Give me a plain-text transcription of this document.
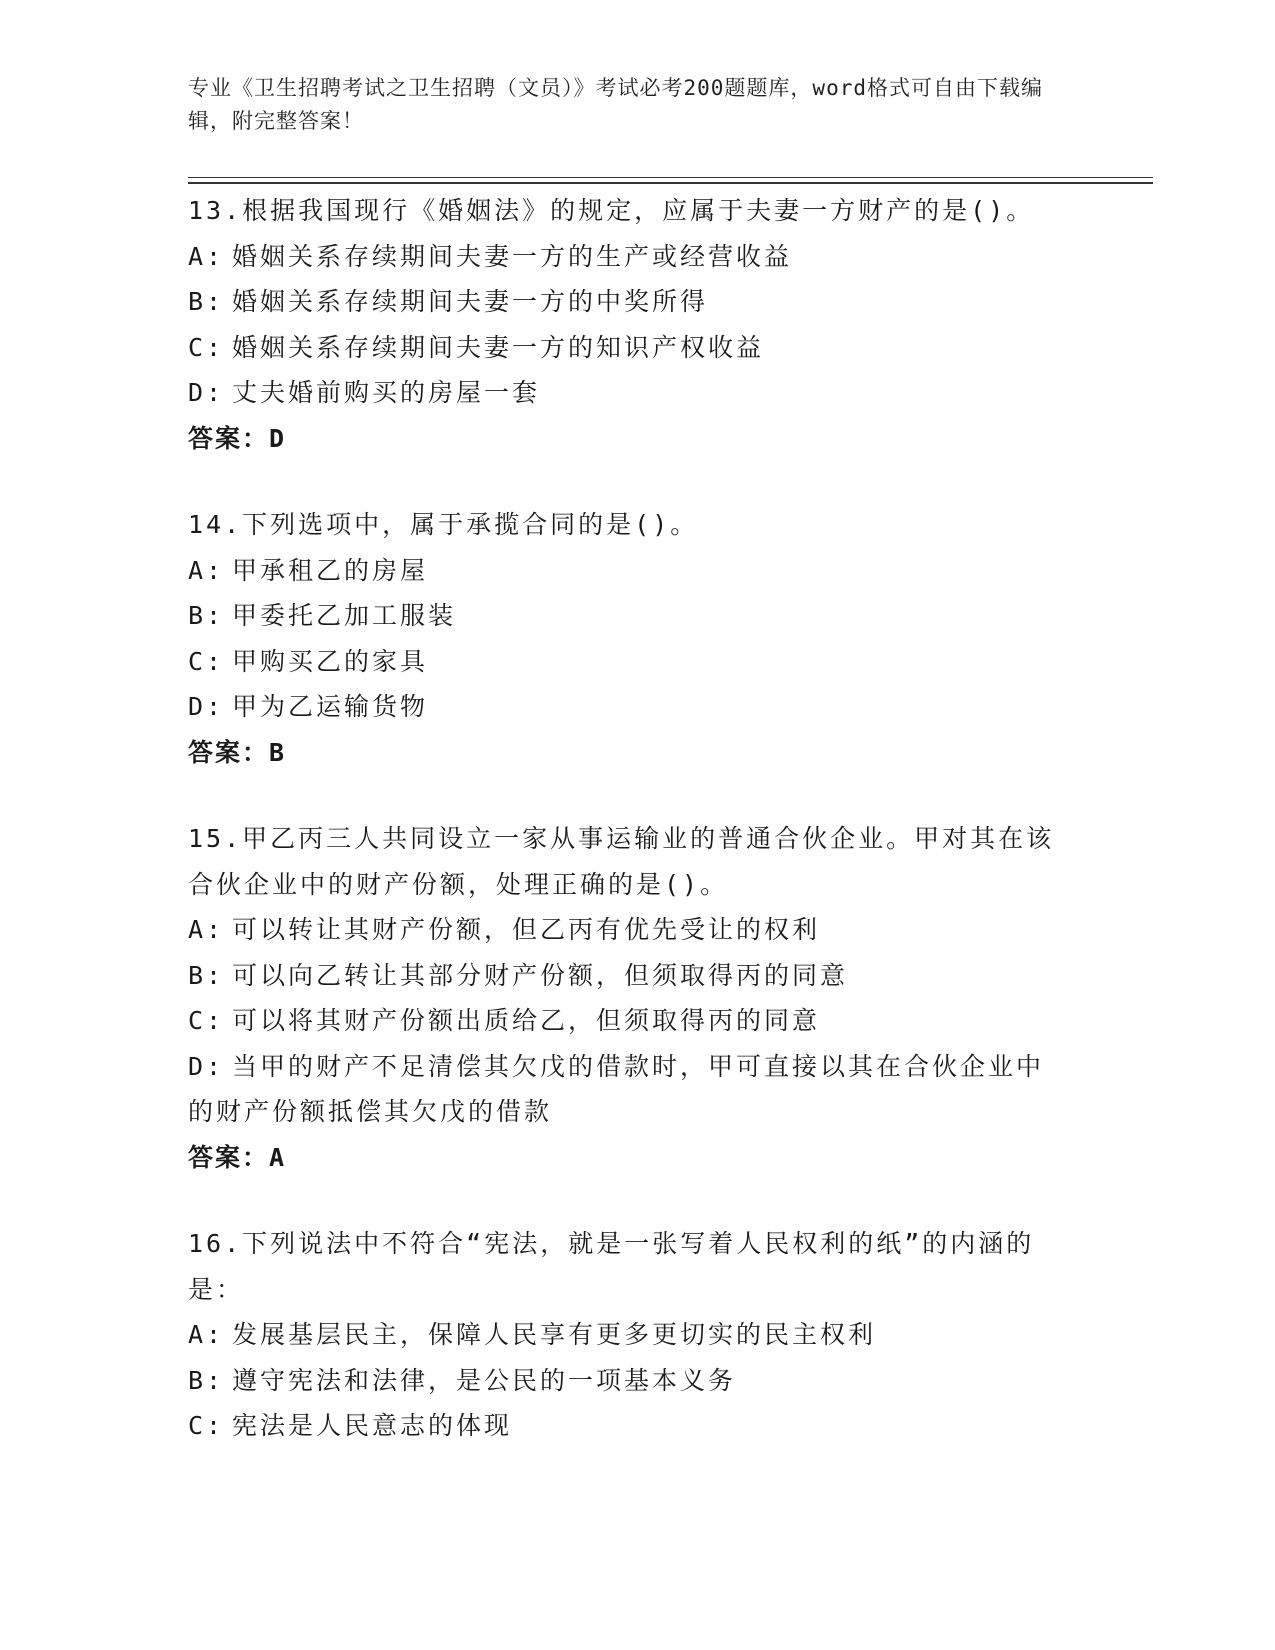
专业《卫生招聘考试之卫生招聘（文员）》考试必考200题题库，word格式可自由下载编辑，附完整答案！
13.根据我国现行《婚姻法》的规定，应属于夫妻一方财产的是()。
A: 婚姻关系存续期间夫妻一方的生产或经营收益
B: 婚姻关系存续期间夫妻一方的中奖所得
C: 婚姻关系存续期间夫妻一方的知识产权收益
D: 丈夫婚前购买的房屋一套
答案：D
14.下列选项中，属于承揽合同的是()。
A: 甲承租乙的房屋
B: 甲委托乙加工服装
C: 甲购买乙的家具
D: 甲为乙运输货物
答案：B
15.甲乙丙三人共同设立一家从事运输业的普通合伙企业。甲对其在该
合伙企业中的财产份额，处理正确的是()。
A: 可以转让其财产份额，但乙丙有优先受让的权利
B: 可以向乙转让其部分财产份额，但须取得丙的同意
C: 可以将其财产份额出质给乙，但须取得丙的同意
D: 当甲的财产不足清偿其欠戊的借款时，甲可直接以其在合伙企业中
的财产份额抵偿其欠戊的借款
答案：A
16.下列说法中不符合“宪法，就是一张写着人民权利的纸”的内涵的
是：
A: 发展基层民主，保障人民享有更多更切实的民主权利
B: 遵守宪法和法律，是公民的一项基本义务
C: 宪法是人民意志的体现
